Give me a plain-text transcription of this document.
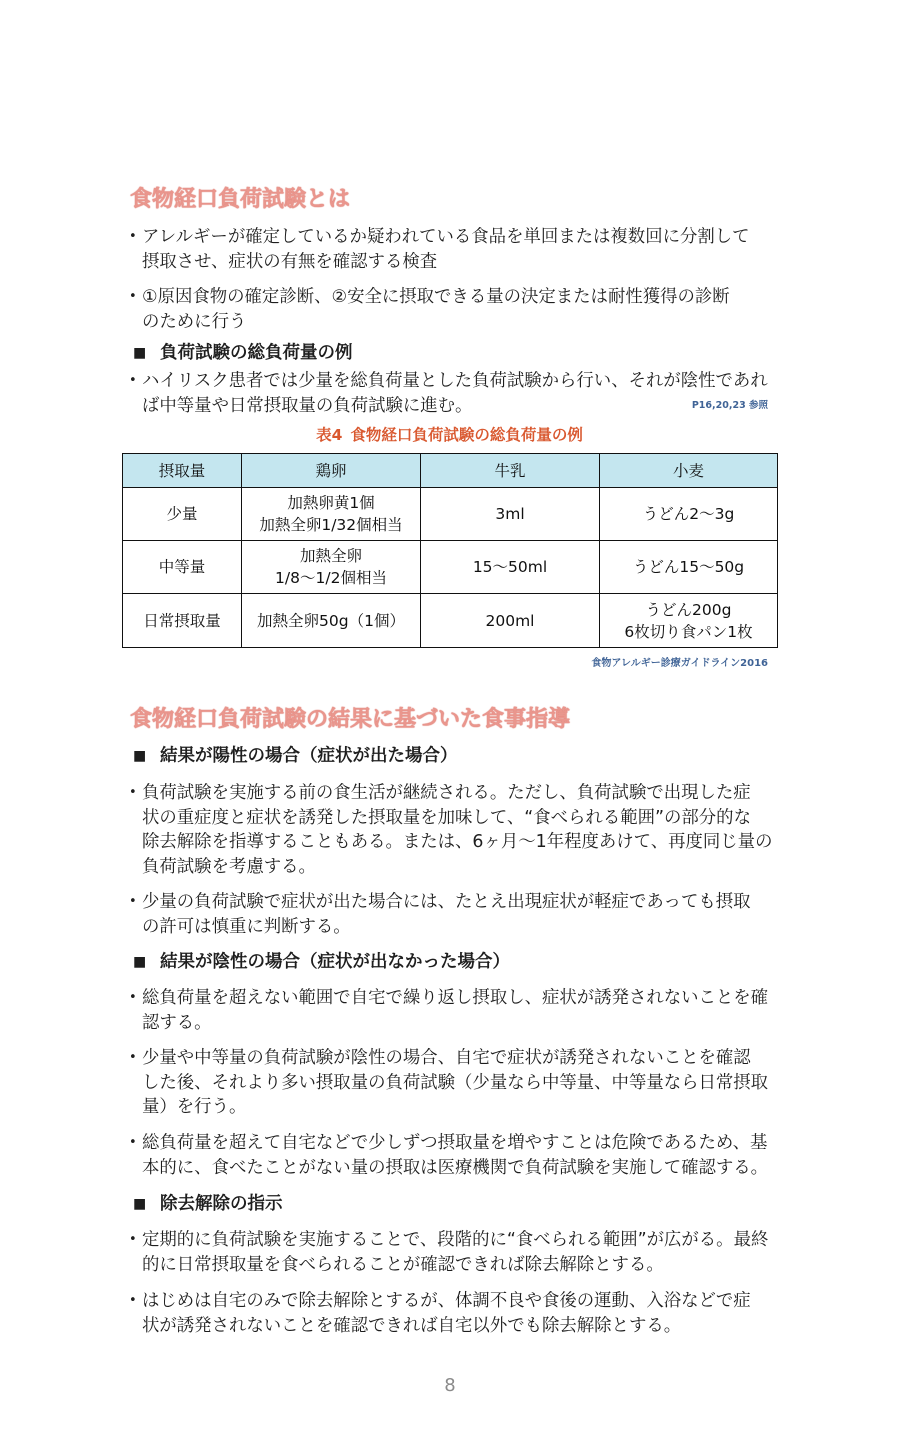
食物経口負荷試験とは
• アレルギーが確定しているか疑われている食品を単回または複数回に分割して
摂取させ、症状の有無を確認する検査
• ①原因食物の確定診断、②安全に摂取できる量の決定または耐性獲得の診断
のために行う
■ 負荷試験の総負荷量の例
• ハイリスク患者では少量を総負荷量とした負荷試験から行い、それが陰性であれ
ば中等量や日常摂取量の負荷試験に進む。	P16,20,23 参照
表4 食物経口負荷試験の総負荷量の例
摂取量	鶏卵	牛乳	小麦

少量	加熱卵黄1個
加熱全卵1/32個相当	3ml	うどん2～3g

中等量	加熱全卵
1/8～1/2個相当	15～50ml	うどん15～50g

日常摂取量	加熱全卵50g（1個）	200ml	うどん200g
6枚切り食パン1枚
食物アレルギー診療ガイドライン2016
食物経口負荷試験の結果に基づいた食事指導
■ 結果が陽性の場合（症状が出た場合）
• 負荷試験を実施する前の食生活が継続される。ただし、負荷試験で出現した症
状の重症度と症状を誘発した摂取量を加味して、“食べられる範囲”の部分的な
除去解除を指導することもある。または、6ヶ月～1年程度あけて、再度同じ量の
負荷試験を考慮する。
• 少量の負荷試験で症状が出た場合には、たとえ出現症状が軽症であっても摂取
の許可は慎重に判断する。
■ 結果が陰性の場合（症状が出なかった場合）
• 総負荷量を超えない範囲で自宅で繰り返し摂取し、症状が誘発されないことを確
認する。
• 少量や中等量の負荷試験が陰性の場合、自宅で症状が誘発されないことを確認
した後、それより多い摂取量の負荷試験（少量なら中等量、中等量なら日常摂取
量）を行う。
• 総負荷量を超えて自宅などで少しずつ摂取量を増やすことは危険であるため、基
本的に、食べたことがない量の摂取は医療機関で負荷試験を実施して確認する。
■ 除去解除の指示
• 定期的に負荷試験を実施することで、段階的に“食べられる範囲”が広がる。最終
的に日常摂取量を食べられることが確認できれば除去解除とする。
• はじめは自宅のみで除去解除とするが、体調不良や食後の運動、入浴などで症
状が誘発されないことを確認できれば自宅以外でも除去解除とする。
8
